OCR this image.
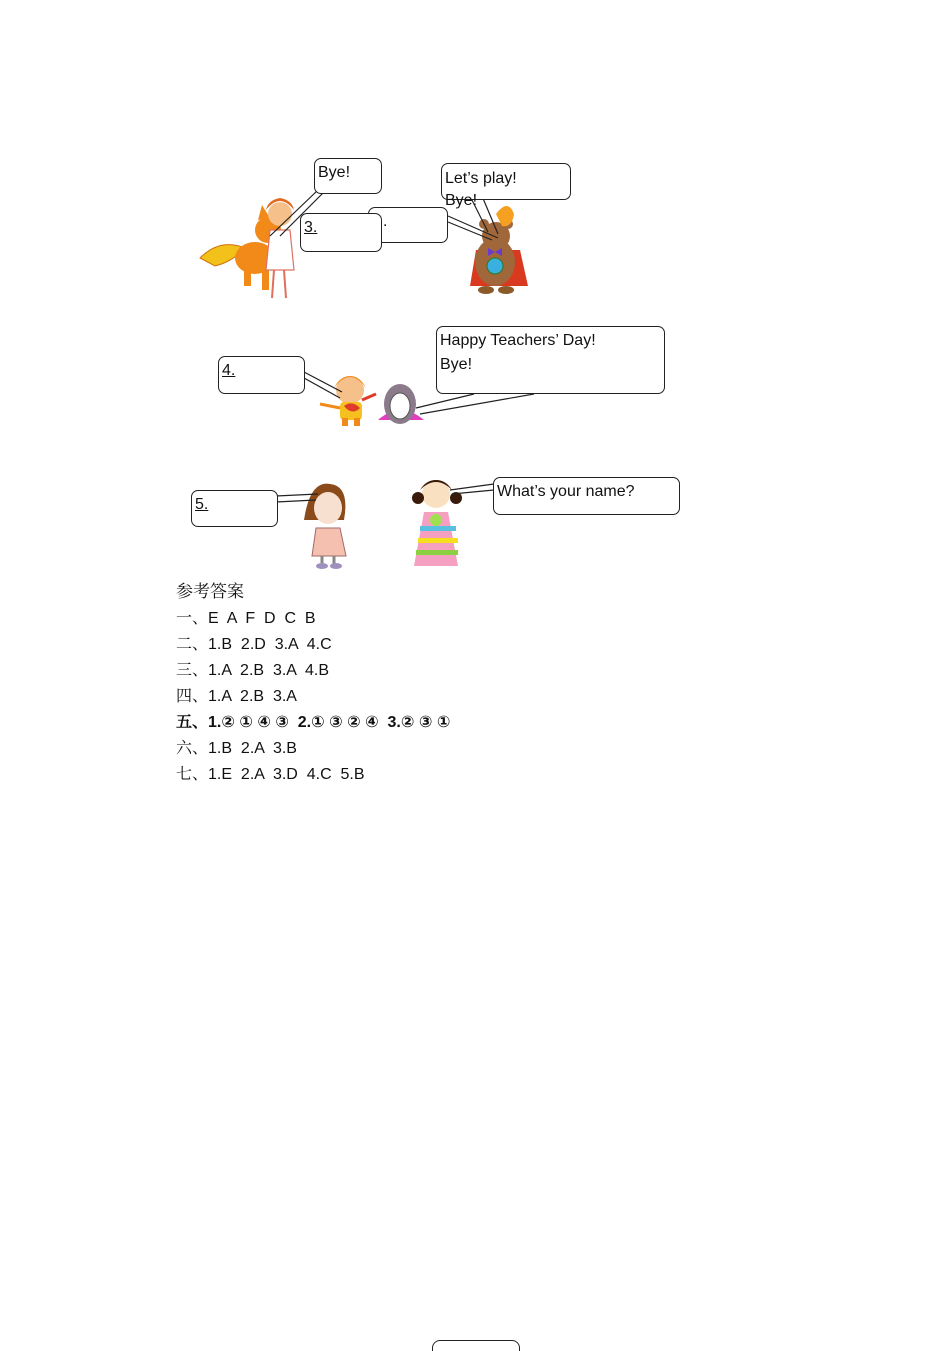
Bye!
.
3.
Let’s play!
Bye!
Happy Teachers’ Day!
Bye!
4.
5.
What’s your name?
参考答案
一、E  A  F  D  C  B
二、1.B  2.D  3.A  4.C
三、1.A  2.B  3.A  4.B
四、1.A  2.B  3.A
五、1.② ① ④ ③  2.① ③ ② ④  3.② ③ ①
六、1.B  2.A  3.B
七、1.E  2.A  3.D  4.C  5.B
